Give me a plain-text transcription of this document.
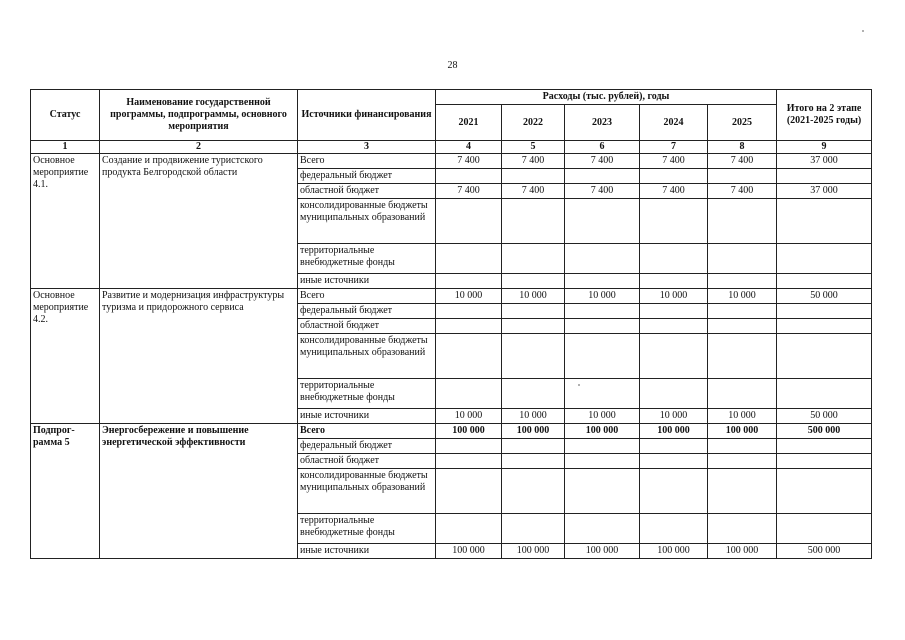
28
Статус	Наименование государственной программы, подпрограммы, основного мероприятия	Источники финансирования	Расходы (тыс. рублей), годы					Итого на 2 этапе (2021-2025 годы)
			2021	2022	2023	2024	2025	
1	2	3	4	5	6	7	8	9
Основное мероприятие 4.1.	Создание и продвижение туристского продукта Белгородской области	Всего	7 400	7 400	7 400	7 400	7 400	37 000
		федеральный бюджет						
		областной бюджет	7 400	7 400	7 400	7 400	7 400	37 000
		консолидированные бюджеты муниципальных образований						
		территориальные внебюджетные фонды						
		иные источники						
Основное мероприятие 4.2.	Развитие и модернизация инфраструктуры туризма и придорожного сервиса	Всего	10 000	10 000	10 000	10 000	10 000	50 000
		федеральный бюджет						
		областной бюджет						
		консолидированные бюджеты муниципальных образований						
		территориальные внебюджетные фонды						
		иные источники	10 000	10 000	10 000	10 000	10 000	50 000
Подпрог-рамма 5	Энергосбережение и повышение энергетической эффективности	Всего	100 000	100 000	100 000	100 000	100 000	500 000
		федеральный бюджет						
		областной бюджет						
		консолидированные бюджеты муниципальных образований						
		территориальные внебюджетные фонды						
		иные источники	100 000	100 000	100 000	100 000	100 000	500 000
